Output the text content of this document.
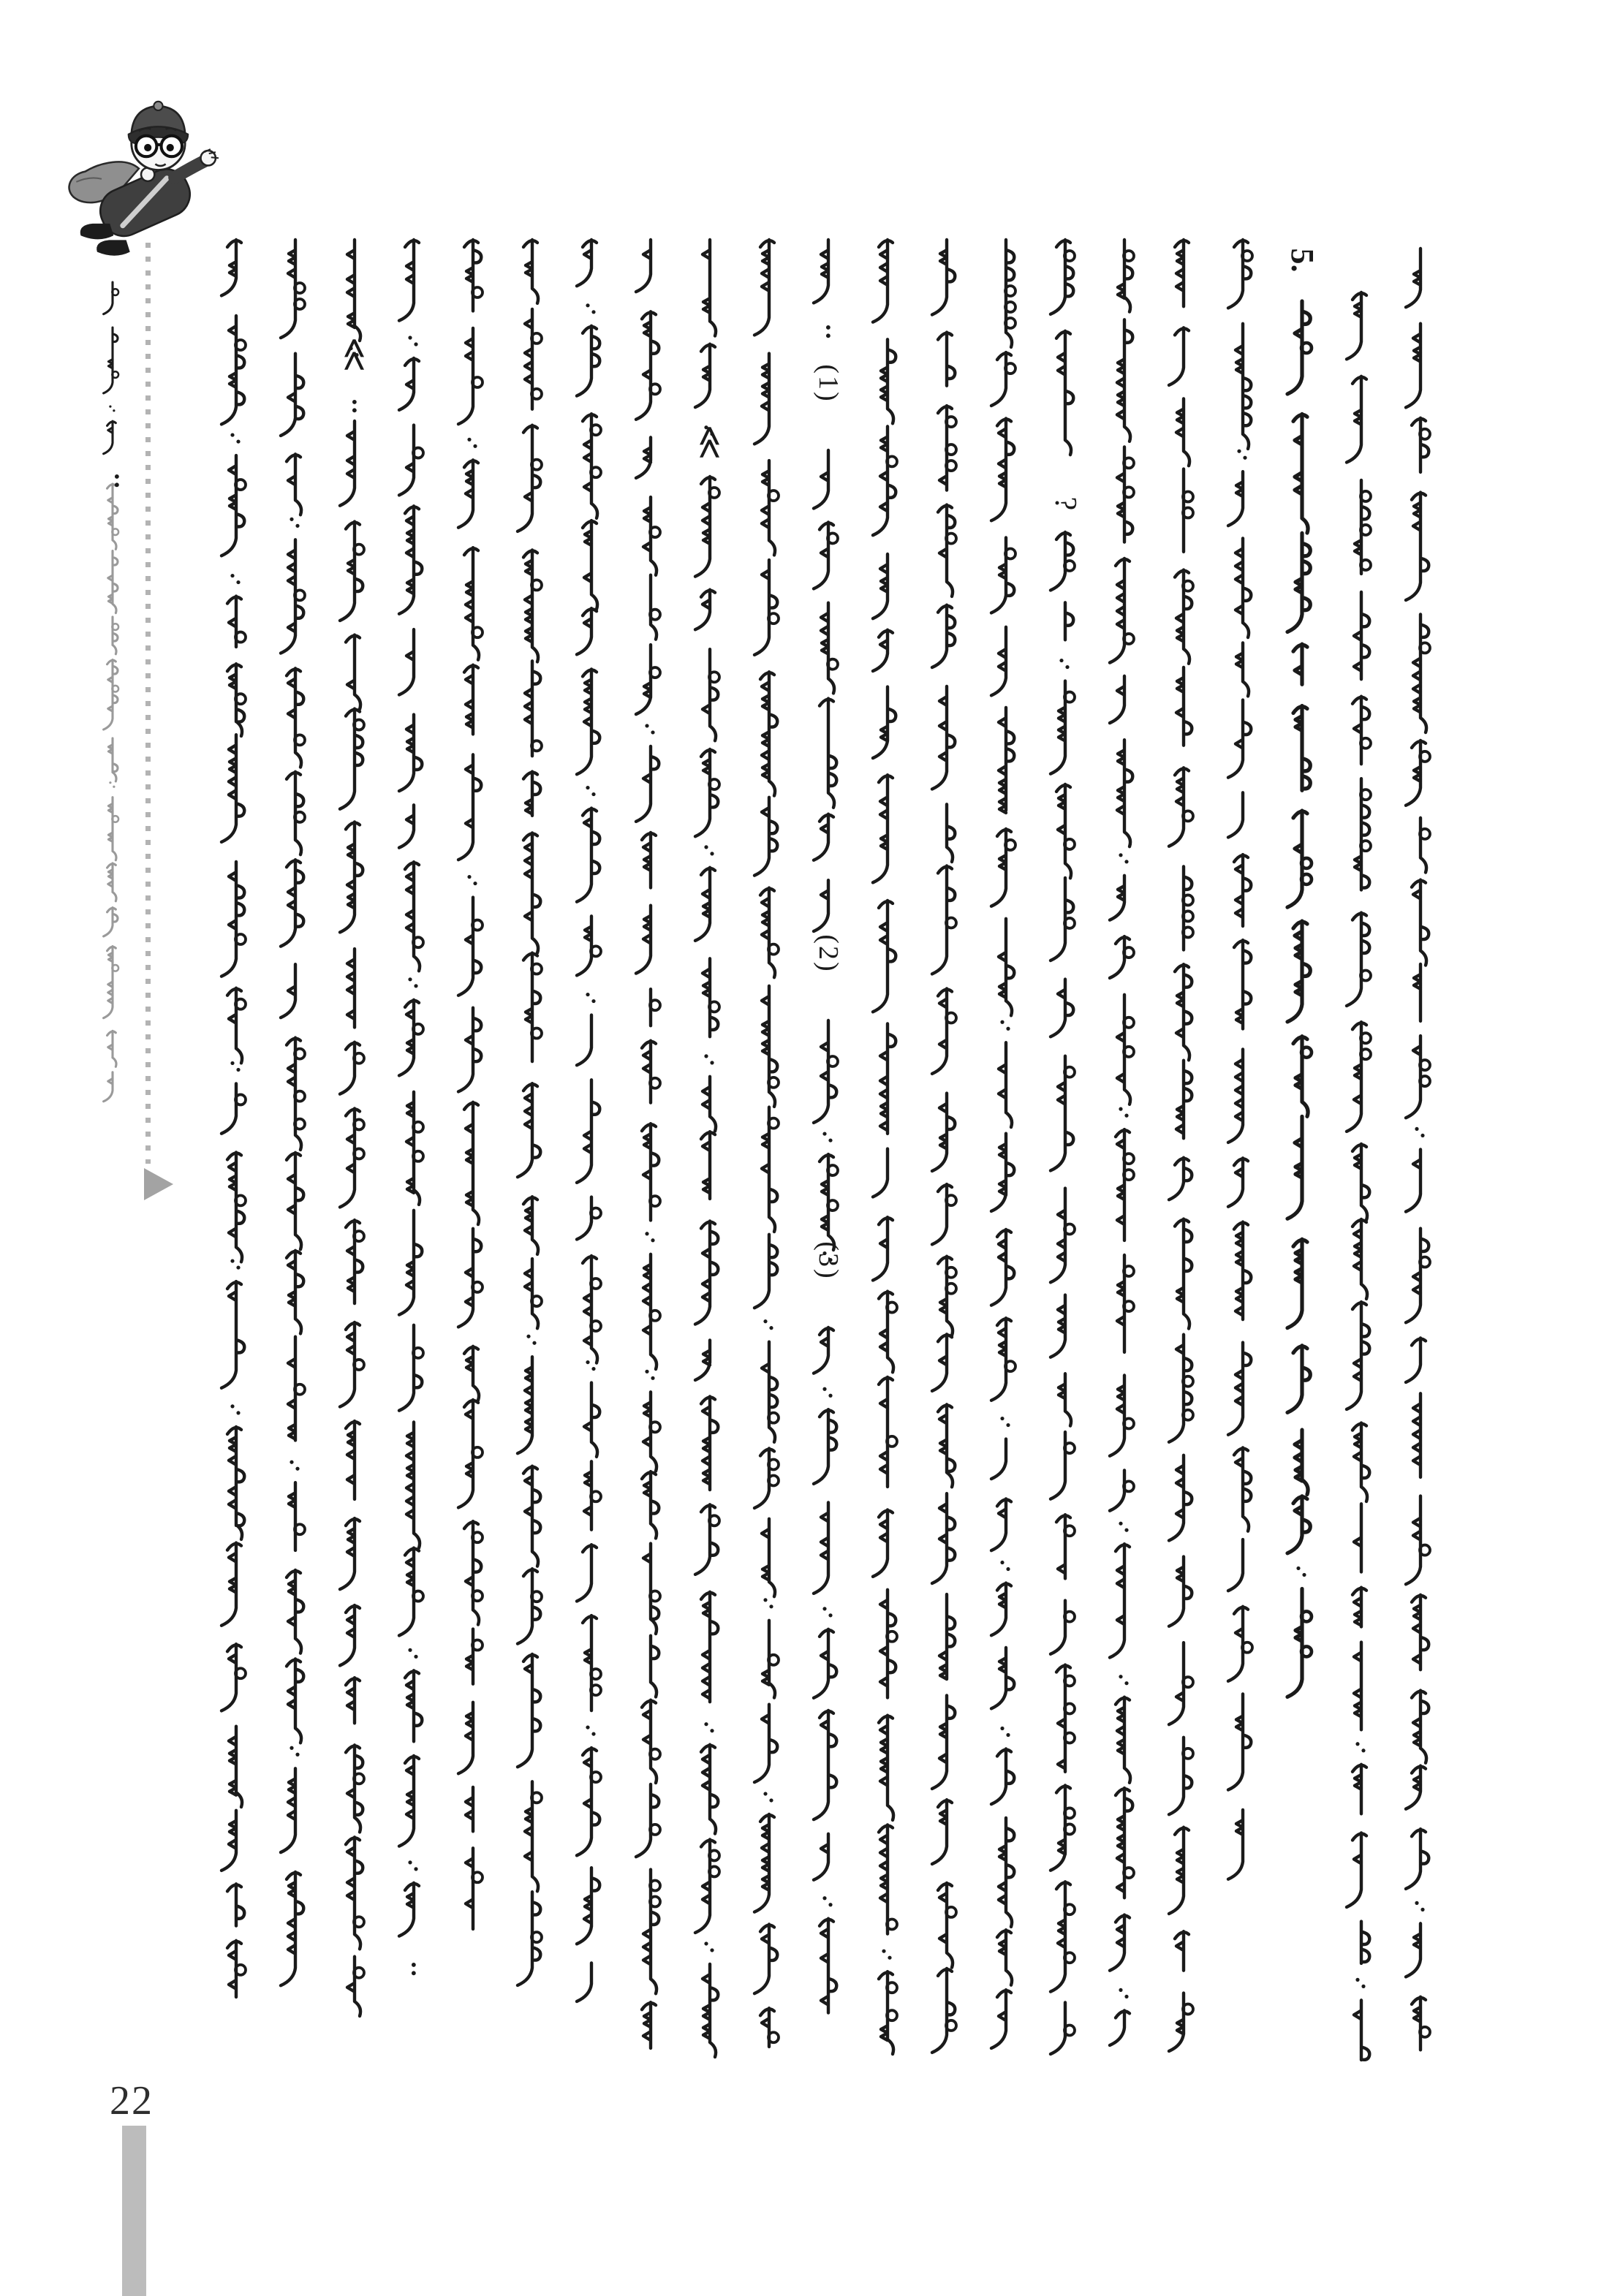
:
≪
:
:
≪
:
(1)
(2)
(3)
?
5.
22
